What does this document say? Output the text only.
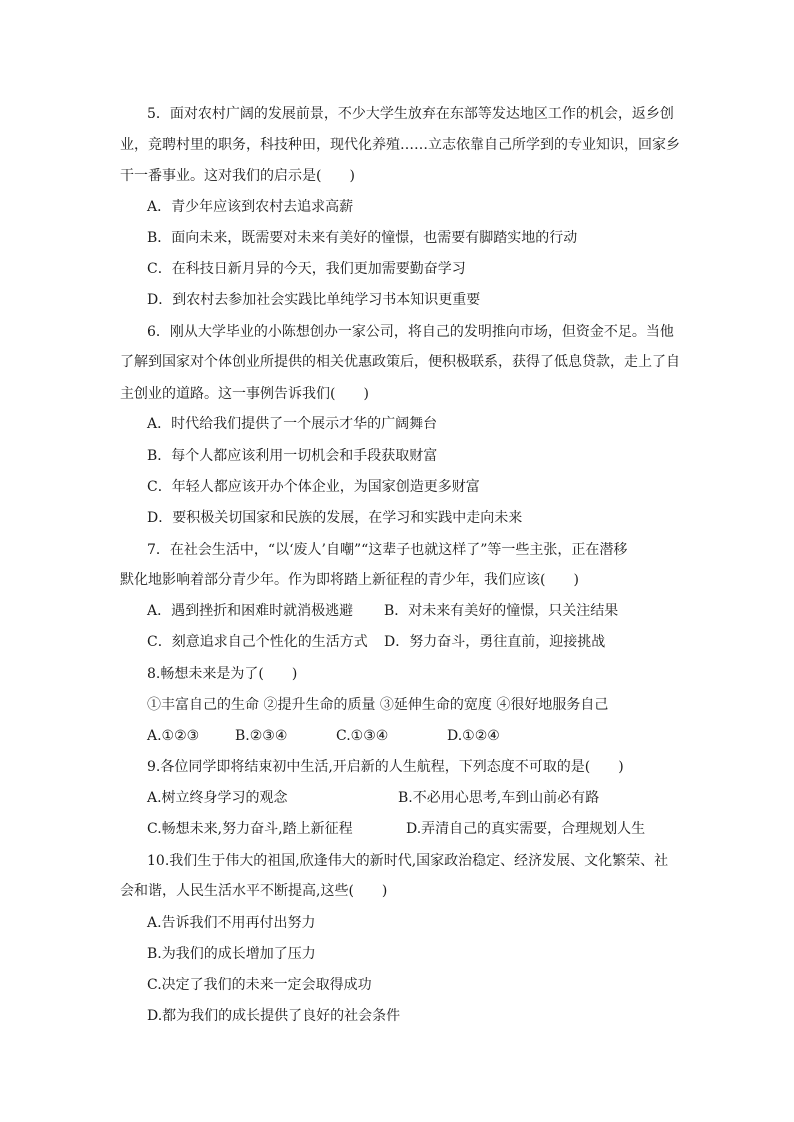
5．面对农村广阔的发展前景，不少大学生放弃在东部等发达地区工作的机会，返乡创
业，竞聘村里的职务，科技种田，现代化养殖……立志依靠自己所学到的专业知识，回家乡
干一番事业。这对我们的启示是(　　)
A．青少年应该到农村去追求高薪
B．面向未来，既需要对未来有美好的憧憬，也需要有脚踏实地的行动
C．在科技日新月异的今天，我们更加需要勤奋学习
D．到农村去参加社会实践比单纯学习书本知识更重要
6．刚从大学毕业的小陈想创办一家公司，将自己的发明推向市场，但资金不足。当他
了解到国家对个体创业所提供的相关优惠政策后，便积极联系，获得了低息贷款，走上了自
主创业的道路。这一事例告诉我们(　　)
A．时代给我们提供了一个展示才华的广阔舞台
B．每个人都应该利用一切机会和手段获取财富
C．年轻人都应该开办个体企业，为国家创造更多财富
D．要积极关切国家和民族的发展，在学习和实践中走向未来
7．在社会生活中，“以‘废人’自嘲”“这辈子也就这样了”等一些主张，正在潜移
默化地影响着部分青少年。作为即将踏上新征程的青少年，我们应该(　　)
A．遇到挫折和困难时就消极逃避 B．对未来有美好的憧憬，只关注结果
C．刻意追求自己个性化的生活方式 D．努力奋斗，勇往直前，迎接挑战
8.畅想未来是为了(　　)
①丰富自己的生命 ②提升生命的质量 ③延伸生命的宽度 ④很好地服务自己
A.①②③	B.②③④	C.①③④	D.①②④
9.各位同学即将结束初中生活,开启新的人生航程，下列态度不可取的是(　　)
A.树立终身学习的观念	B.不必用心思考,车到山前必有路
C.畅想未来,努力奋斗,踏上新征程	D.弄清自己的真实需要，合理规划人生
10.我们生于伟大的祖国,欣逢伟大的新时代,国家政治稳定、经济发展、文化繁荣、社
会和谐，人民生活水平不断提高,这些(　　)
A.告诉我们不用再付出努力
B.为我们的成长增加了压力
C.决定了我们的未来一定会取得成功
D.都为我们的成长提供了良好的社会条件
